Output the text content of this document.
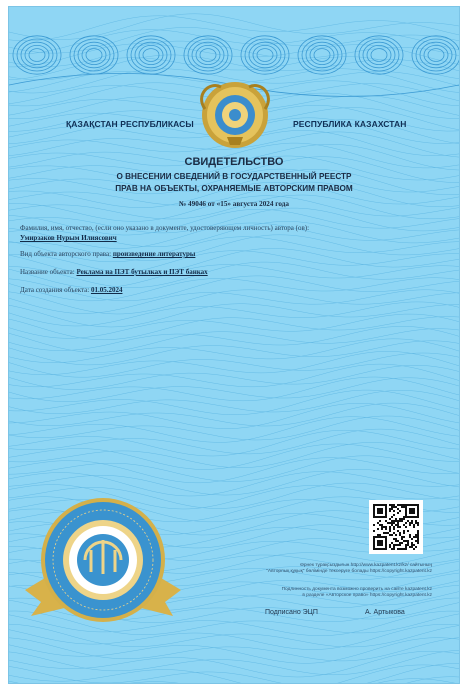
ҚАЗАҚСТАН РЕСПУБЛИКАСЫ	РЕСПУБЛИКА КАЗАХСТАН
СВИДЕТЕЛЬСТВО
О ВНЕСЕНИИ СВЕДЕНИЙ В ГОСУДАРСТВЕННЫЙ РЕЕСТР
ПРАВ НА ОБЪЕКТЫ, ОХРАНЯЕМЫЕ АВТОРСКИМ ПРАВОМ
№ 49046 от «15» августа 2024 года
Фамилия, имя, отчество, (если оно указано в документе, удостоверяющем личность) автора (ов):
Умирзаков Нурым Илиясович
Вид объекта авторского права: произведение литературы
Название объекта: Реклама на ПЭТ бутылках и ПЭТ банках
Дата создания объекта: 01.05.2024
Өрнек тұрақсыздығын http://www.kazpatent.kz/kz/ сайтының
"Авторлық құқық" бөлімінде тексеруге болады https://copyright.kazpatent.kz
Подлинность документа возможно проверить на сайте kazpatent.kz
в разделе «Авторское право» https://copyright.kazpatent.kz
Подписано ЭЦП	А. Артыкова
